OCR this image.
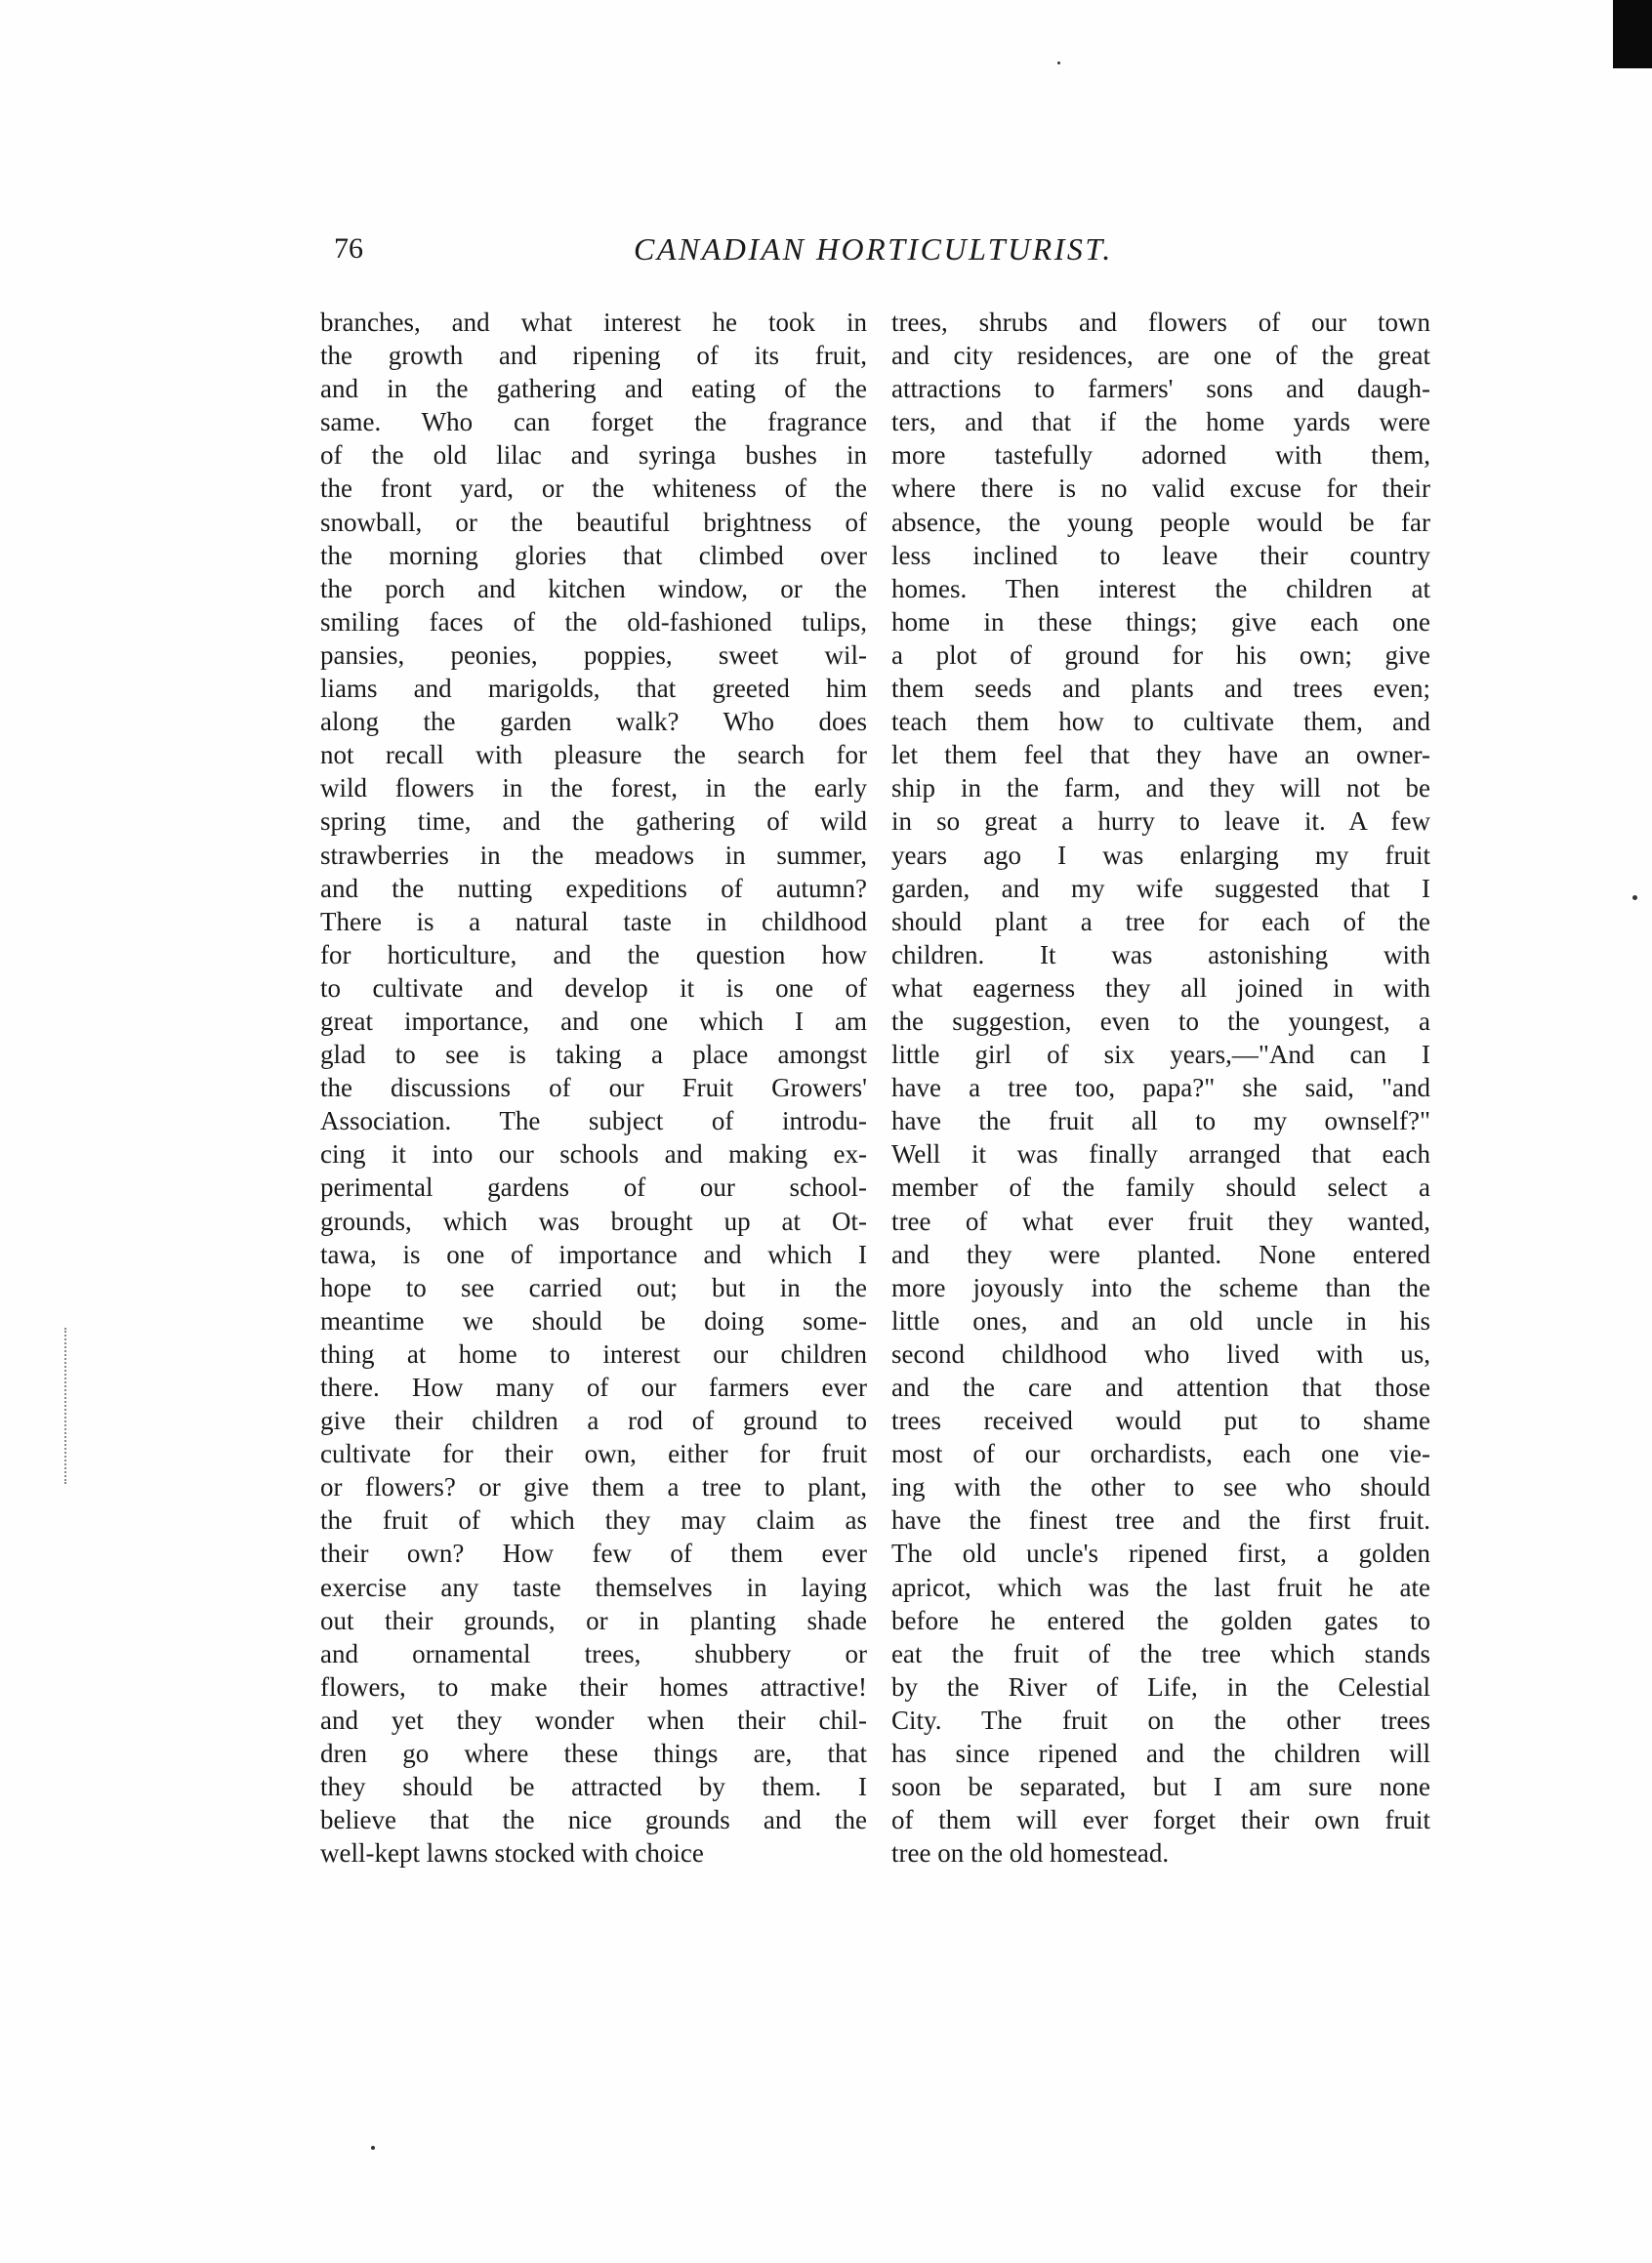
76	CANADIAN HORTICULTURIST.
branches, and what interest he took in
the growth and ripening of its fruit,
and in the gathering and eating of the
same. Who can forget the fragrance
of the old lilac and syringa bushes in
the front yard, or the whiteness of the
snowball, or the beautiful brightness of
the morning glories that climbed over
the porch and kitchen window, or the
smiling faces of the old-fashioned tulips,
pansies, peonies, poppies, sweet wil-
liams and marigolds, that greeted him
along the garden walk? Who does
not recall with pleasure the search for
wild flowers in the forest, in the early
spring time, and the gathering of wild
strawberries in the meadows in summer,
and the nutting expeditions of autumn?
There is a natural taste in childhood
for horticulture, and the question how
to cultivate and develop it is one of
great importance, and one which I am
glad to see is taking a place amongst
the discussions of our Fruit Growers'
Association. The subject of introdu-
cing it into our schools and making ex-
perimental gardens of our school-
grounds, which was brought up at Ot-
tawa, is one of importance and which I
hope to see carried out; but in the
meantime we should be doing some-
thing at home to interest our children
there. How many of our farmers ever
give their children a rod of ground to
cultivate for their own, either for fruit
or flowers? or give them a tree to plant,
the fruit of which they may claim as
their own? How few of them ever
exercise any taste themselves in laying
out their grounds, or in planting shade
and ornamental trees, shubbery or
flowers, to make their homes attractive!
and yet they wonder when their chil-
dren go where these things are, that
they should be attracted by them. I
believe that the nice grounds and the
well-kept lawns stocked with choice
trees, shrubs and flowers of our town
and city residences, are one of the great
attractions to farmers' sons and daugh-
ters, and that if the home yards were
more tastefully adorned with them,
where there is no valid excuse for their
absence, the young people would be far
less inclined to leave their country
homes. Then interest the children at
home in these things; give each one
a plot of ground for his own; give
them seeds and plants and trees even;
teach them how to cultivate them, and
let them feel that they have an owner-
ship in the farm, and they will not be
in so great a hurry to leave it. A few
years ago I was enlarging my fruit
garden, and my wife suggested that I
should plant a tree for each of the
children. It was astonishing with
what eagerness they all joined in with
the suggestion, even to the youngest, a
little girl of six years,—"And can I
have a tree too, papa?" she said, "and
have the fruit all to my ownself?"
Well it was finally arranged that each
member of the family should select a
tree of what ever fruit they wanted,
and they were planted. None entered
more joyously into the scheme than the
little ones, and an old uncle in his
second childhood who lived with us,
and the care and attention that those
trees received would put to shame
most of our orchardists, each one vie-
ing with the other to see who should
have the finest tree and the first fruit.
The old uncle's ripened first, a golden
apricot, which was the last fruit he ate
before he entered the golden gates to
eat the fruit of the tree which stands
by the River of Life, in the Celestial
City. The fruit on the other trees
has since ripened and the children will
soon be separated, but I am sure none
of them will ever forget their own fruit
tree on the old homestead.
